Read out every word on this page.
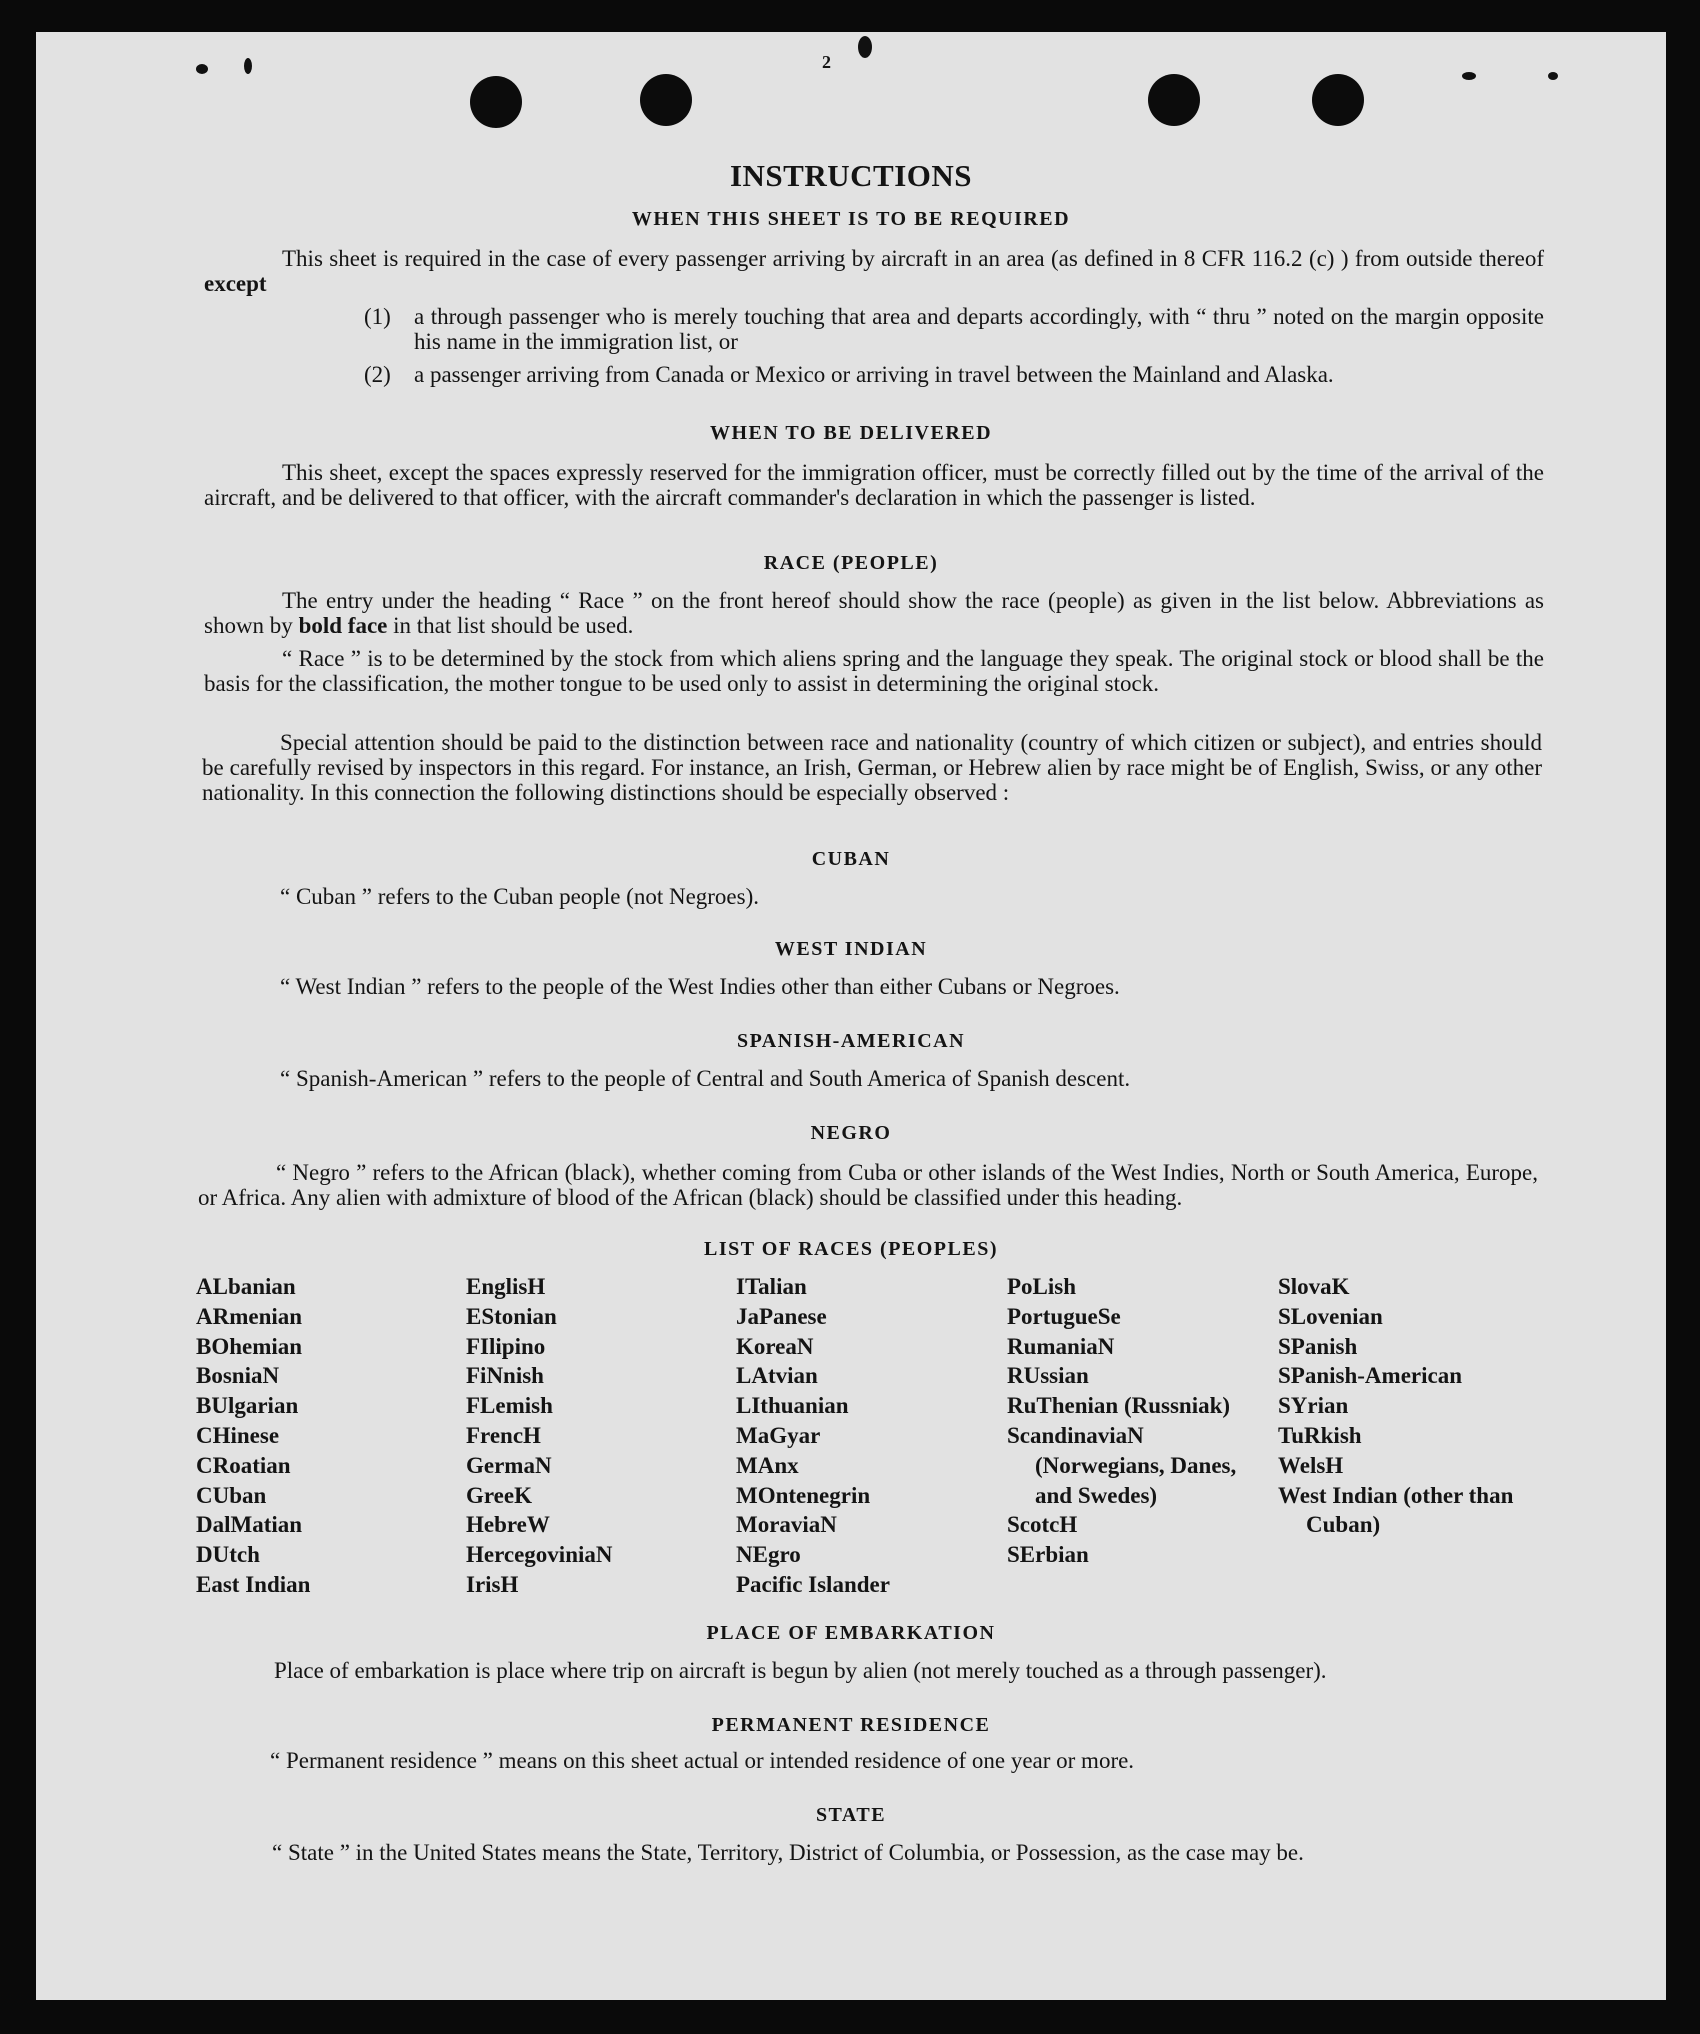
2
INSTRUCTIONS
WHEN THIS SHEET IS TO BE REQUIRED

This sheet is required in the case of every passenger arriving by aircraft in an area (as defined in 8 CFR 116.2 (c) ) from outside thereof except

(1) a through passenger who is merely touching that area and departs accordingly, with “ thru ” noted on the margin opposite his name in the immigration list, or

(2) a passenger arriving from Canada or Mexico or arriving in travel between the Mainland and Alaska.

WHEN TO BE DELIVERED

This sheet, except the spaces expressly reserved for the immigration officer, must be correctly filled out by the time of the arrival of the aircraft, and be delivered to that officer, with the aircraft commander's declaration in which the passenger is listed.

RACE (PEOPLE)

The entry under the heading “ Race ” on the front hereof should show the race (people) as given in the list below. Abbreviations as shown by bold face in that list should be used.

“ Race ” is to be determined by the stock from which aliens spring and the language they speak. The original stock or blood shall be the basis for the classification, the mother tongue to be used only to assist in determining the original stock.

Special attention should be paid to the distinction between race and nationality (country of which citizen or subject), and entries should be carefully revised by inspectors in this regard. For instance, an Irish, German, or Hebrew alien by race might be of English, Swiss, or any other nationality. In this connection the following distinctions should be especially observed :

CUBAN

“ Cuban ” refers to the Cuban people (not Negroes).

WEST INDIAN

“ West Indian ” refers to the people of the West Indies other than either Cubans or Negroes.

SPANISH-AMERICAN

“ Spanish-American ” refers to the people of Central and South America of Spanish descent.

NEGRO

“ Negro ” refers to the African (black), whether coming from Cuba or other islands of the West Indies, North or South America, Europe, or Africa. Any alien with admixture of blood of the African (black) should be classified under this heading.

LIST OF RACES (PEOPLES)
ALbanian
ARmenian
BOhemian
BosniaN
BUlgarian
CHinese
CRoatian
CUban
DalMatian
DUtch
East Indian
EnglisH
EStonian
FIlipino
FiNnish
FLemish
FrencH
GermaN
GreeK
HebreW
HercegoviniaN
IrisH
ITalian
JaPanese
KoreaN
LAtvian
LIthuanian
MaGyar
MAnx
MOntenegrin
MoraviaN
NEgro
Pacific Islander
PoLish
PortugueSe
RumaniaN
RUssian
RuThenian (Russniak)
ScandinaviaN (Norwegians, Danes, and Swedes)
ScotcH
SErbian
SlovaK
SLovenian
SPanish
SPanish-American
SYrian
TuRkish
WelsH
West Indian (other than Cuban)
PLACE OF EMBARKATION

Place of embarkation is place where trip on aircraft is begun by alien (not merely touched as a through passenger).

PERMANENT RESIDENCE

“ Permanent residence ” means on this sheet actual or intended residence of one year or more.

STATE

“ State ” in the United States means the State, Territory, District of Columbia, or Possession, as the case may be.
